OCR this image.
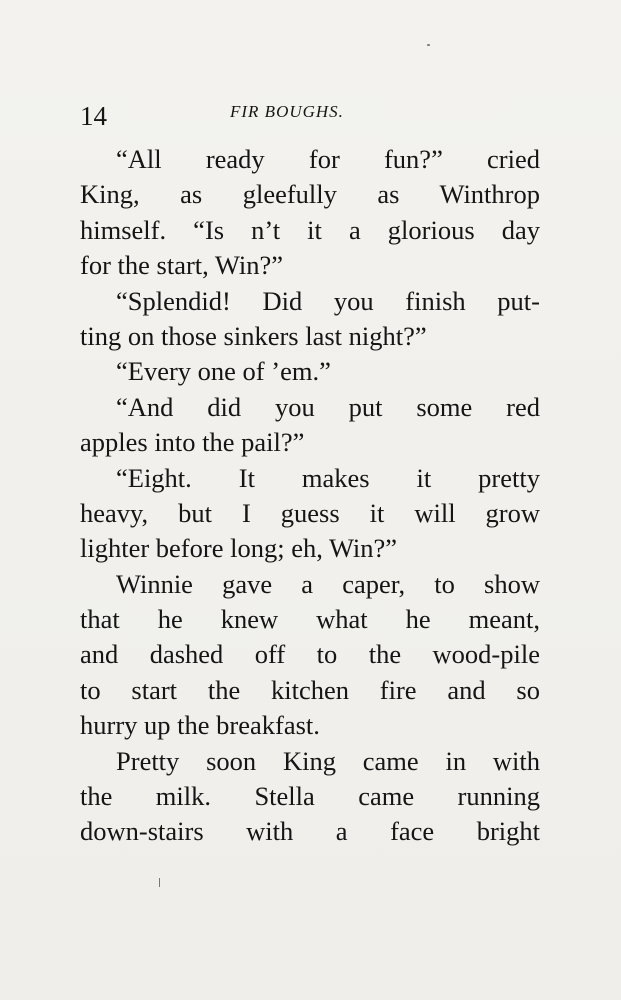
14	FIR BOUGHS.
“All ready for fun?” cried
King, as gleefully as Winthrop
himself. “Is n’t it a glorious day
for the start, Win?”
“Splendid! Did you finish put-
ting on those sinkers last night?”
“Every one of ’em.”
“And did you put some red
apples into the pail?”
“Eight. It makes it pretty
heavy, but I guess it will grow
lighter before long; eh, Win?”
Winnie gave a caper, to show
that he knew what he meant,
and dashed off to the wood-pile
to start the kitchen fire and so
hurry up the breakfast.
Pretty soon King came in with
the milk. Stella came running
down-stairs with a face bright
